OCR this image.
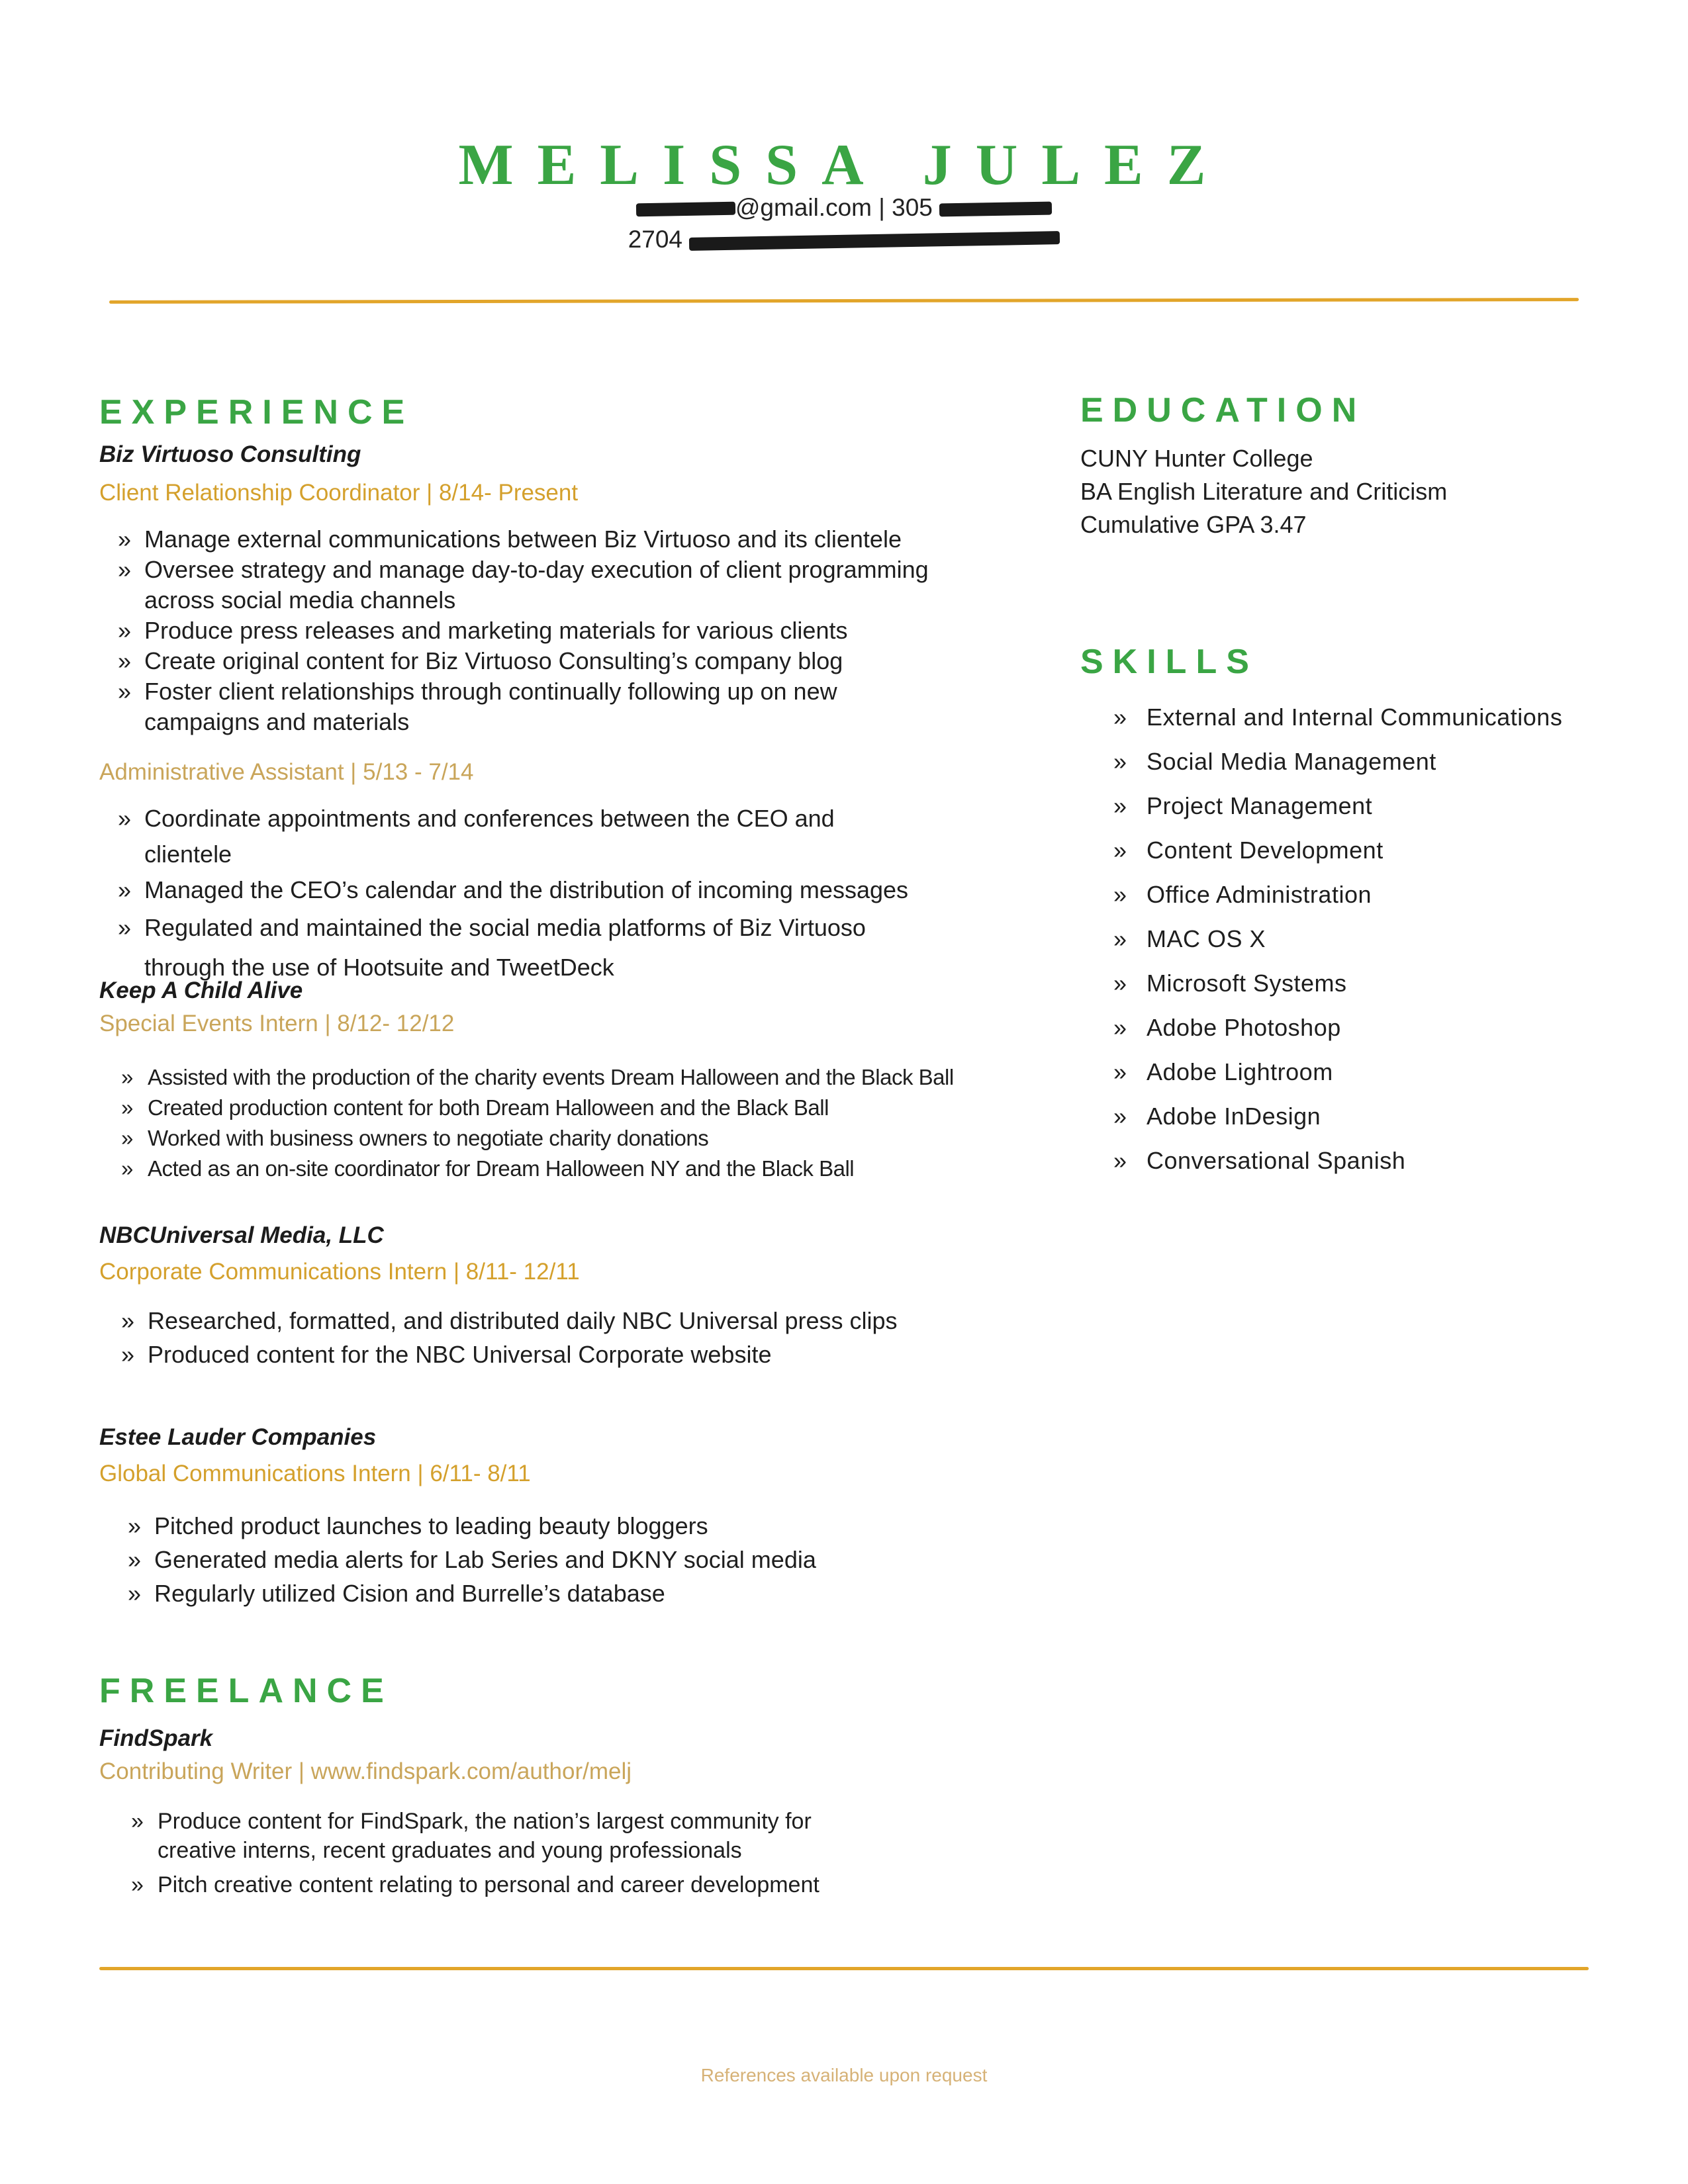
MELISSA JULEZ
@gmail.com | 305
2704
EXPERIENCE
Biz Virtuoso Consulting
Client Relationship Coordinator | 8/14- Present
» Manage external communications between Biz Virtuoso and its clientele
» Oversee strategy and manage day-to-day execution of client programming across social media channels
» Produce press releases and marketing materials for various clients
» Create original content for Biz Virtuoso Consulting’s company blog
» Foster client relationships through continually following up on new campaigns and materials
Administrative Assistant | 5/13 - 7/14
» Coordinate appointments and conferences between the CEO and clientele
» Managed the CEO’s calendar and the distribution of incoming messages
» Regulated and maintained the social media platforms of Biz Virtuoso through the use of Hootsuite and TweetDeck
Keep A Child Alive
Special Events Intern | 8/12- 12/12
» Assisted with the production of the charity events Dream Halloween and the Black Ball
» Created production content for both Dream Halloween and the Black Ball
» Worked with business owners to negotiate charity donations
» Acted as an on-site coordinator for Dream Halloween NY and the Black Ball
NBCUniversal Media, LLC
Corporate Communications Intern | 8/11- 12/11
» Researched, formatted, and distributed daily NBC Universal press clips
» Produced content for the NBC Universal Corporate website
Estee Lauder Companies
Global Communications Intern | 6/11- 8/11
» Pitched product launches to leading beauty bloggers
» Generated media alerts for Lab Series and DKNY social media
» Regularly utilized Cision and Burrelle’s database
FREELANCE
FindSpark
Contributing Writer | www.findspark.com/author/melj
» Produce content for FindSpark, the nation’s largest community for creative interns, recent graduates and young professionals
» Pitch creative content relating to personal and career development
EDUCATION
CUNY Hunter College
BA English Literature and Criticism
Cumulative GPA 3.47
SKILLS
» External and Internal Communications
» Social Media Management
» Project Management
» Content Development
» Office Administration
» MAC OS X
» Microsoft Systems
» Adobe Photoshop
» Adobe Lightroom
» Adobe InDesign
» Conversational Spanish
References available upon request
